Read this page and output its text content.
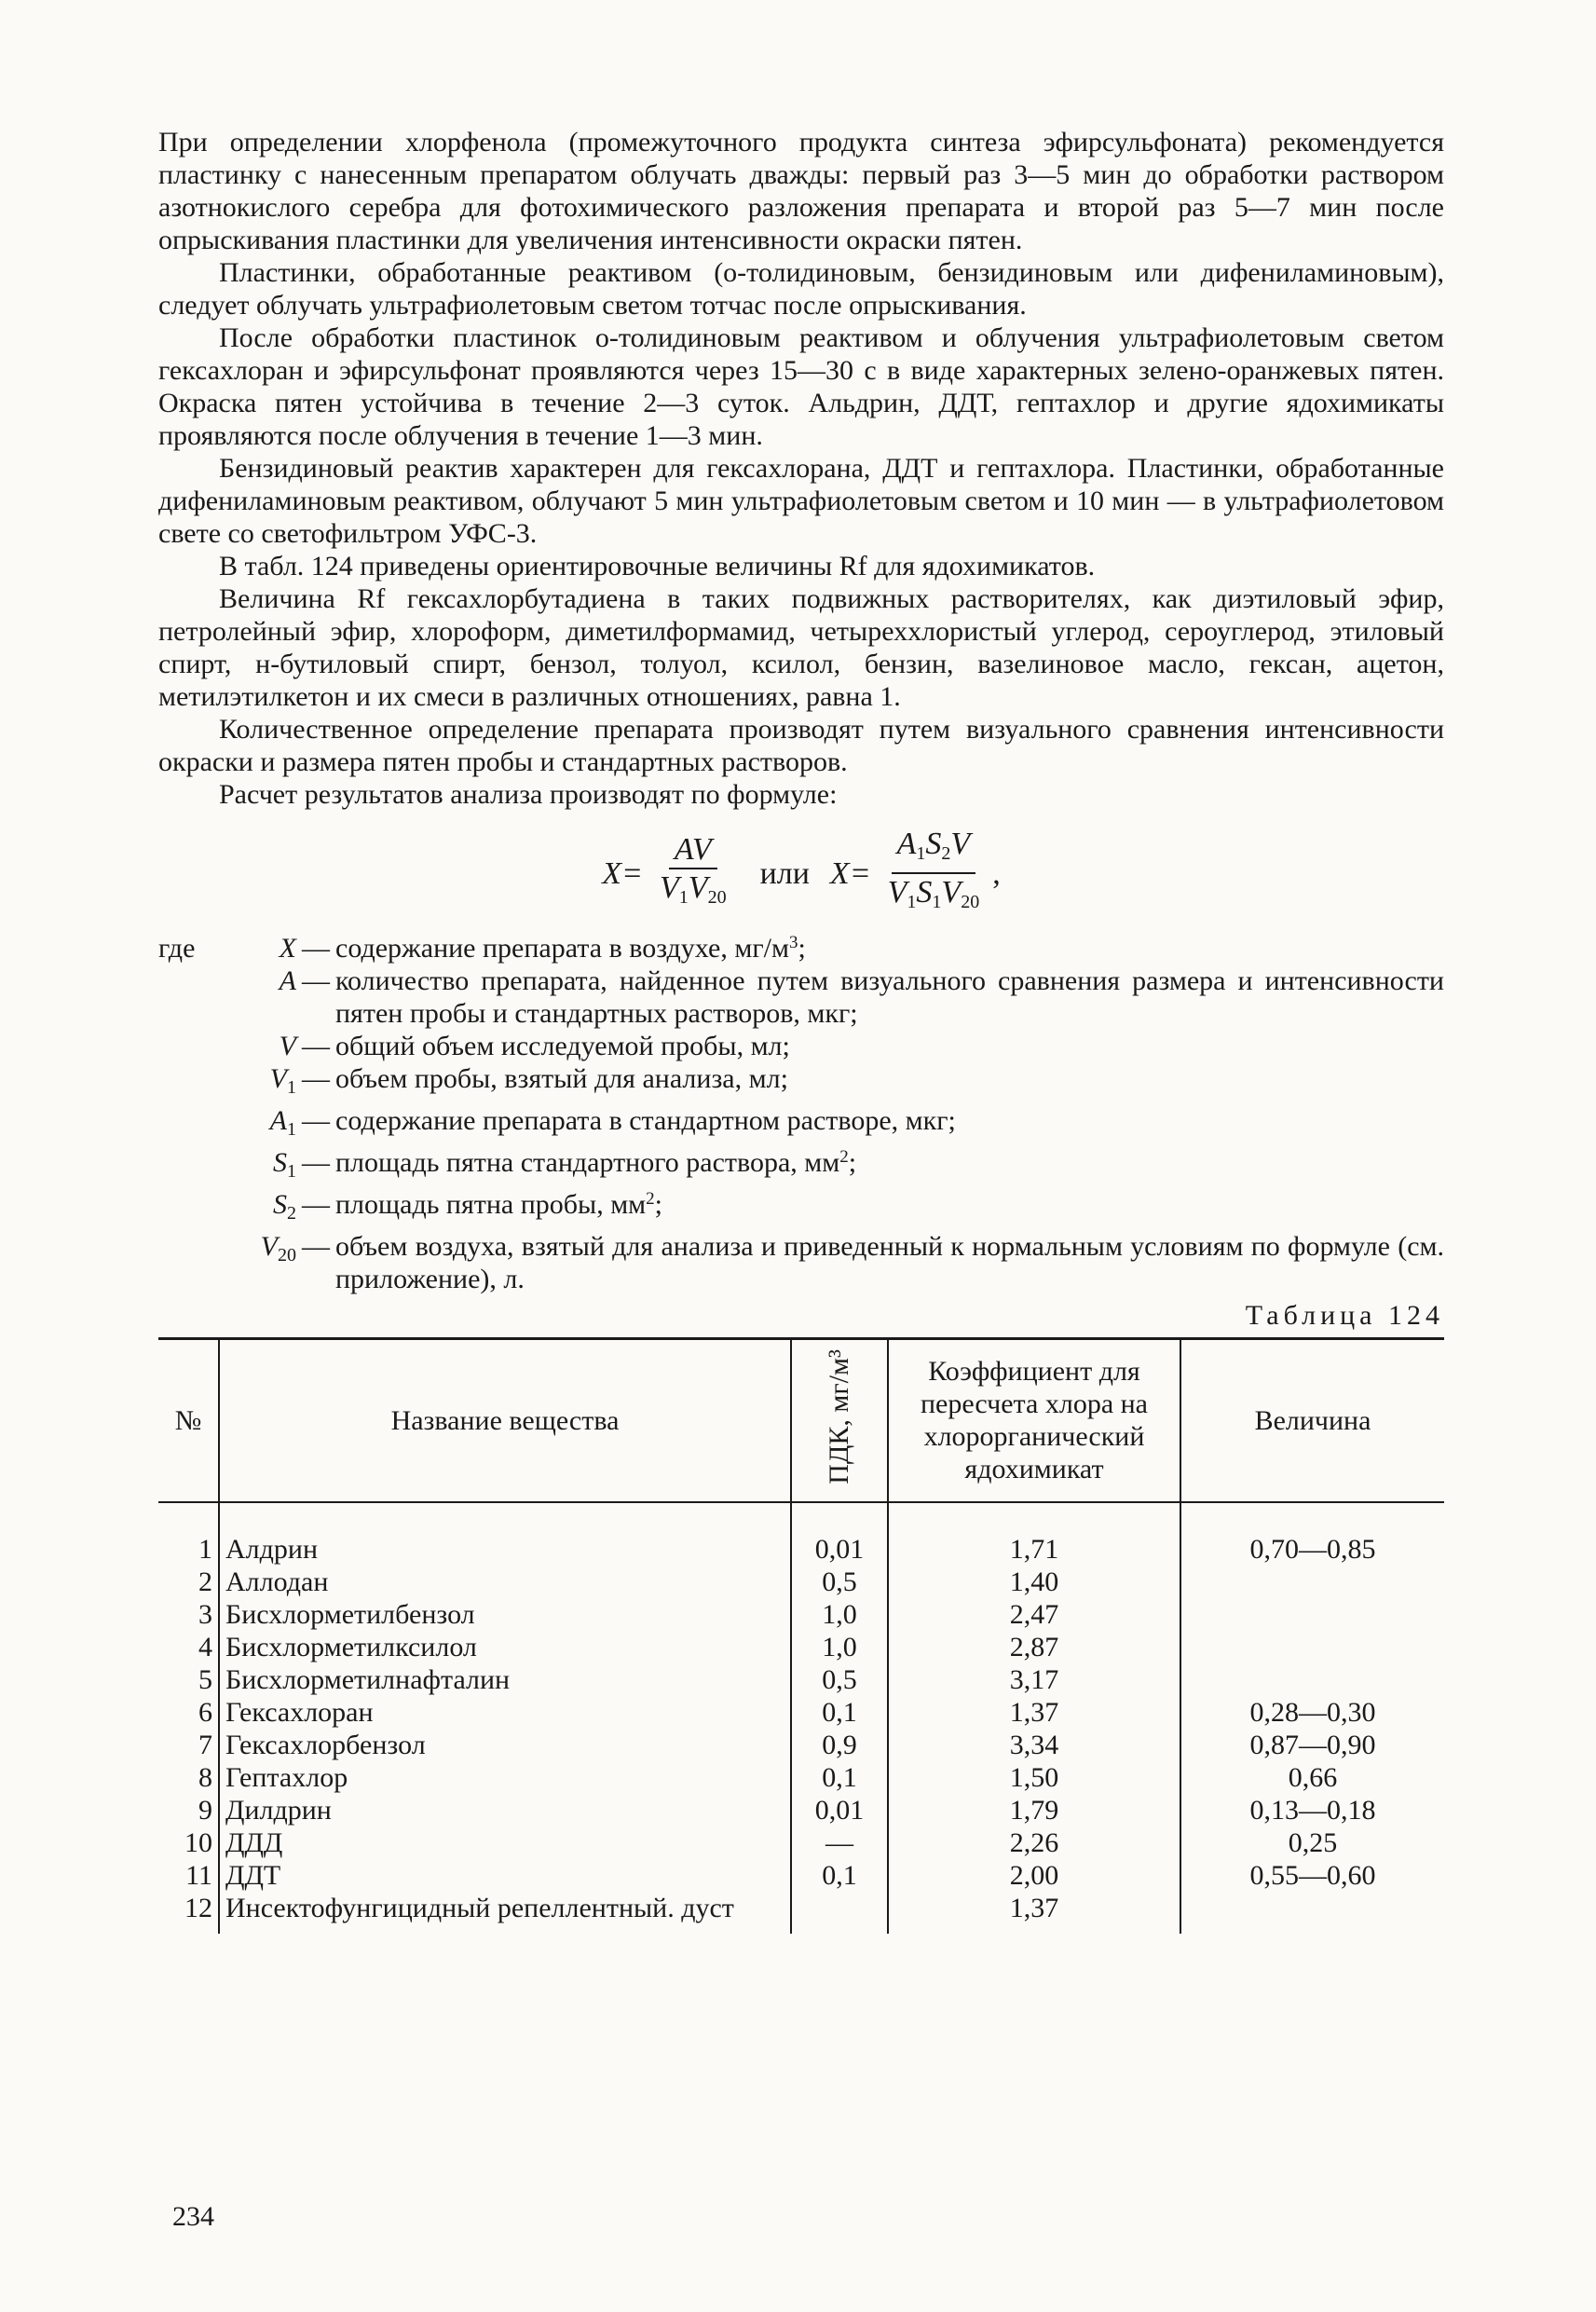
При определении хлорфенола (промежуточного продукта синтеза эфирсульфоната) рекомендуется пластинку с нанесенным препаратом облучать дважды: первый раз 3—5 мин до обработки раствором азотнокислого серебра для фотохимического разложения препарата и второй раз 5—7 мин после опрыскивания пластинки для увеличения интенсивности окраски пятен.

Пластинки, обработанные реактивом (о-толидиновым, бензидиновым или дифениламиновым), следует облучать ультрафиолетовым светом тотчас после опрыскивания.

После обработки пластинок о-толидиновым реактивом и облучения ультрафиолетовым светом гексахлоран и эфирсульфонат проявляются через 15—30 с в виде характерных зелено-оранжевых пятен. Окраска пятен устойчива в течение 2—3 суток. Альдрин, ДДТ, гептахлор и другие ядохимикаты проявляются после облучения в течение 1—3 мин.

Бензидиновый реактив характерен для гексахлорана, ДДТ и гептахлора. Пластинки, обработанные дифениламиновым реактивом, облучают 5 мин ультрафиолетовым светом и 10 мин — в ультрафиолетовом свете со светофильтром УФС-3.

В табл. 124 приведены ориентировочные величины Rf для ядохимикатов.

Величина Rf гексахлорбутадиена в таких подвижных растворителях, как диэтиловый эфир, петролейный эфир, хлороформ, диметилформамид, четыреххлористый углерод, сероуглерод, этиловый спирт, н-бутиловый спирт, бензол, толуол, ксилол, бензин, вазелиновое масло, гексан, ацетон, метилэтилкетон и их смеси в различных отношениях, равна 1.

Количественное определение препарата производят путем визуального сравнения интенсивности окраски и размера пятен пробы и стандартных растворов.

Расчет результатов анализа производят по формуле:

$X= \frac{AV}{V_1V_{20}}$ или $X= \frac{A_1S_2V}{V_1S_1V_{20}}$ ,
где	X — содержание препарата в воздухе, $мг/м^3$;
A — количество препарата, найденное путем визуального сравнения размера и интенсивности пятен пробы и стандартных растворов, мкг;
V — общий объем исследуемой пробы, мл;
$V_1$ — объем пробы, взятый для анализа, мл;
$A_1$ — содержание препарата в стандартном растворе, мкг;
$S_1$ — площадь пятна стандартного раствора, $мм^2$;
$S_2$ — площадь пятна пробы, $мм^2$;
$V_{20}$ — объем воздуха, взятый для анализа и приведенный к нормальным условиям по формуле (см. приложение), л.
Таблица 124
№	Название вещества	ПДК, мг/м³	Коэффициент для пересчета хлора на хлорорганический ядохимикат	Величина
1	Алдрин	0,01	1,71	0,70—0,85
2	Аллодан	0,5	1,40	
3	Бисхлорметилбензол	1,0	2,47	
4	Бисхлорметилксилол	1,0	2,87	
5	Бисхлорметилнафталин	0,5	3,17	
6	Гексахлоран	0,1	1,37	0,28—0,30
7	Гексахлорбензол	0,9	3,34	0,87—0,90
8	Гептахлор	0,1	1,50	0,66
9	Дилдрин	0,01	1,79	0,13—0,18
10	ДДД	—	2,26	0,25
11	ДДТ	0,1	2,00	0,55—0,60
12	Инсектофунгицидный репеллентный. дуст		1,37	
234
